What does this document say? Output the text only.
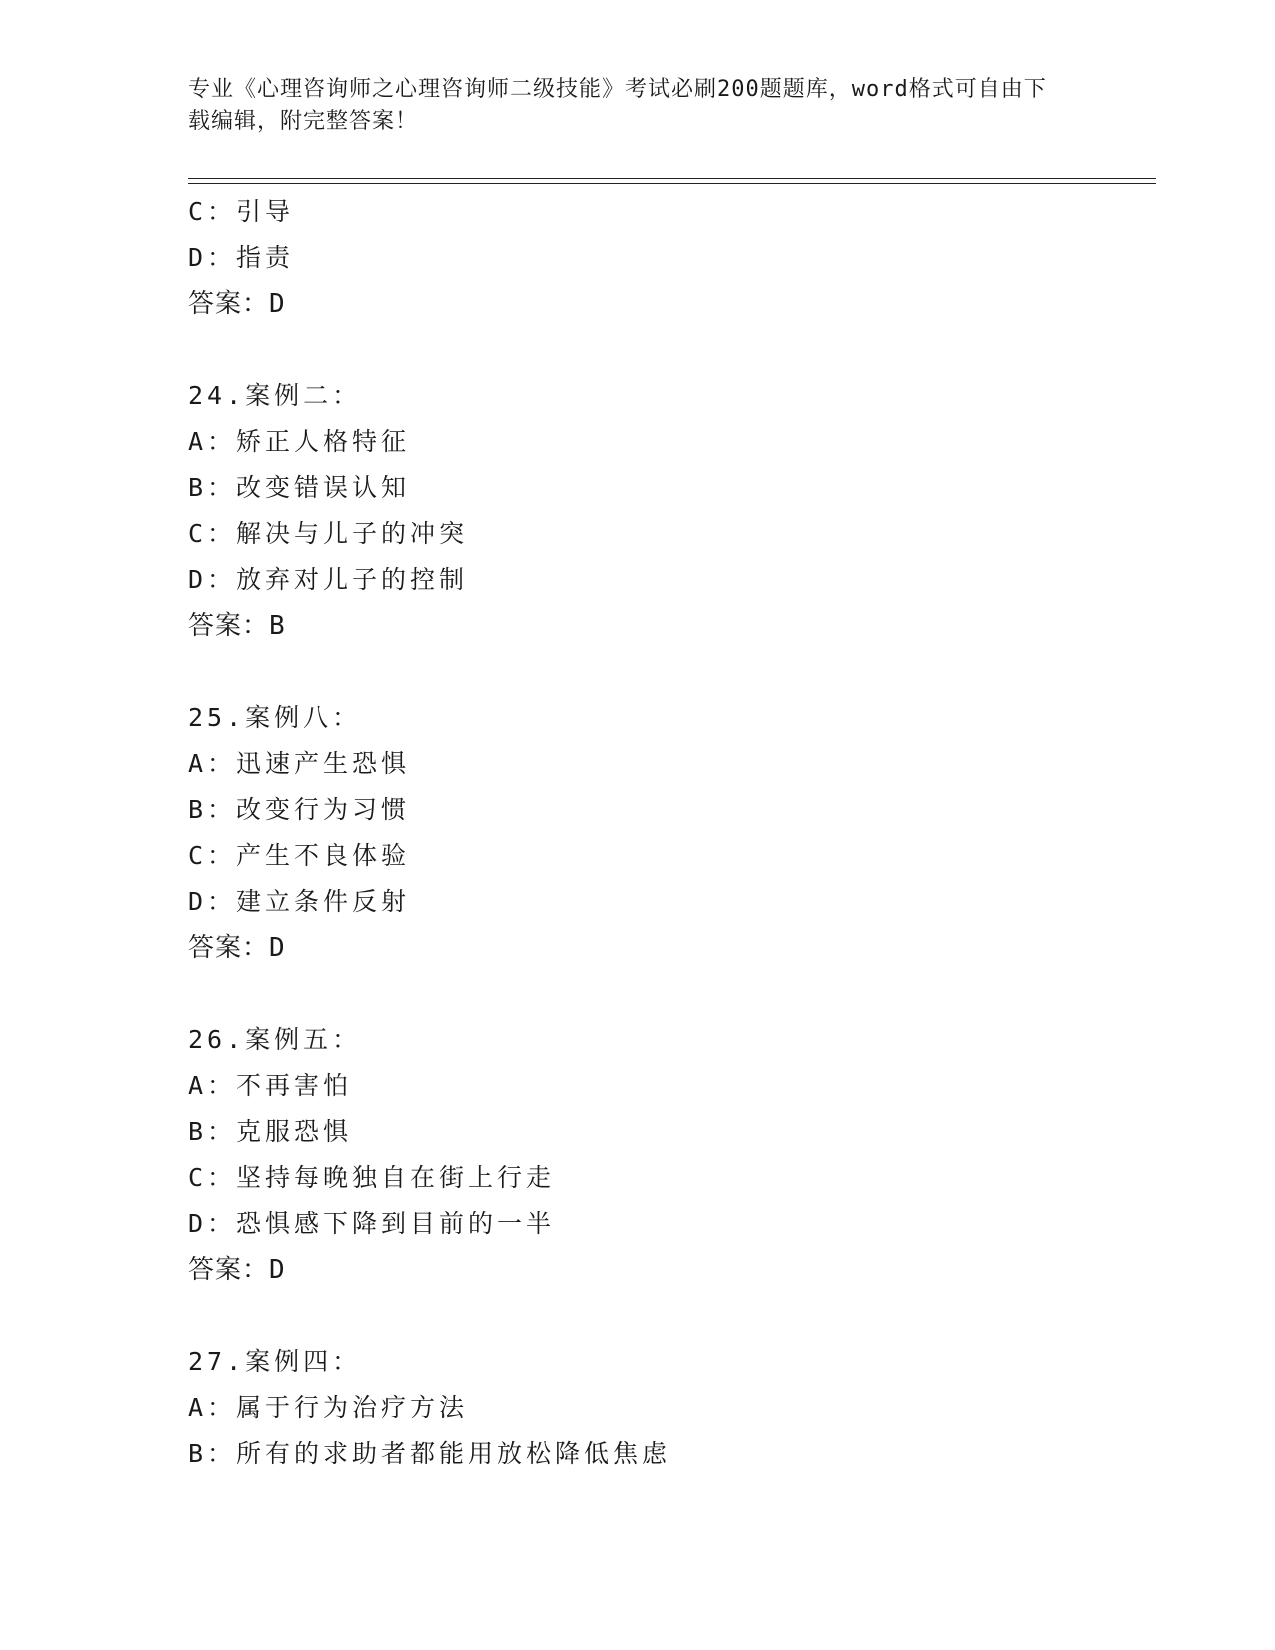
专业《心理咨询师之心理咨询师二级技能》考试必刷200题题库，word格式可自由下载编辑，附完整答案！
C：引导
D：指责
答案：D
24.案例二：
A：矫正人格特征
B：改变错误认知
C：解决与儿子的冲突
D：放弃对儿子的控制
答案：B
25.案例八：
A：迅速产生恐惧
B：改变行为习惯
C：产生不良体验
D：建立条件反射
答案：D
26.案例五：
A：不再害怕
B：克服恐惧
C：坚持每晚独自在街上行走
D：恐惧感下降到目前的一半
答案：D
27.案例四：
A：属于行为治疗方法
B：所有的求助者都能用放松降低焦虑
